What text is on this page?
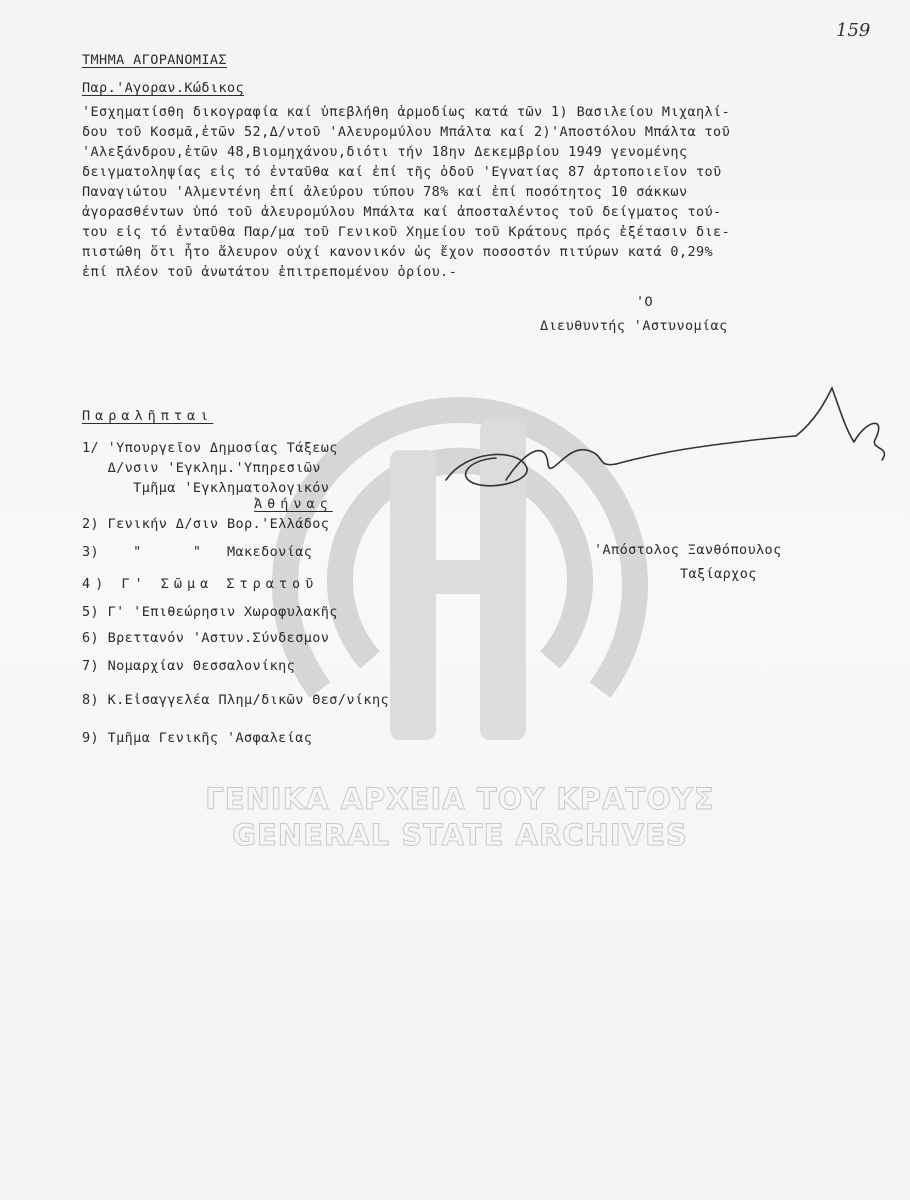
159
ΤΜΗΜΑ ΑΓΟΡΑΝΟΜΙΑΣ
Παρ.'Αγοραν.Κώδικος
'Εσχηματίσθη δικογραφία καί ὑπεβλήθη ἁρμοδίως κατά τῶν 1) Βασιλείου Μιχαηλί-
δου τοῦ Κοσμᾶ,ἐτῶν 52,Δ/ντοῦ 'Αλευρομύλου Μπάλτα καί 2)'Αποστόλου Μπάλτα τοῦ
'Αλεξάνδρου,ἐτῶν 48,Βιομηχάνου,διότι τήν 18ην Δεκεμβρίου 1949 γενομένης
δειγματοληψίας εἰς τό ἐνταῦθα καί ἐπί τῆς ὁδοῦ 'Εγνατίας 87 ἀρτοποιεῖον τοῦ
Παναγιώτου 'Αλμεντένη ἐπί ἀλεύρου τύπου 78% καί ἐπί ποσότητος 10 σάκκων
ἀγορασθέντων ὑπό τοῦ ἀλευρομύλου Μπάλτα καί ἀποσταλέντος τοῦ δείγματος τού-
του εἰς τό ἐνταῦθα Παρ/μα τοῦ Γενικοῦ Χημείου τοῦ Κράτους πρός ἐξέτασιν διε-
πιστώθη ὅτι ἦτο ἄλευρον οὐχί κανονικόν ὡς ἔχον ποσοστόν πιτύρων κατά 0,29%
ἐπί πλέον τοῦ ἀνωτάτου ἐπιτρεπομένου ὁρίου.-
'Ο
Διευθυντής 'Αστυνομίας
Παραλῆπται
1/ 'Υπουργεῖον Δημοσίας Τάξεως
Δ/νσιν 'Εγκλημ.'Υπηρεσιῶν
Τμῆμα 'Εγκληματολογικόν
Ἀθήνας
2) Γενικήν Δ/σιν Βορ.'Ελλάδος
3)    "      "   Μακεδονίας
4) Γ' Σῶμα Στρατοῦ
5) Γ' 'Επιθεώρησιν Χωροφυλακῆς
6) Βρεττανόν 'Αστυν.Σύνδεσμον
7) Νομαρχίαν Θεσσαλονίκης
8) Κ.Εἰσαγγελέα Πλημ/δικῶν Θεσ/νίκης
9) Τμῆμα Γενικῆς 'Ασφαλείας
'Απόστολος Ξανθόπουλος
Ταξίαρχος
ΓΕΝΙΚΑ ΑΡΧΕΙΑ ΤΟΥ ΚΡΑΤΟΥΣ
GENERAL STATE ARCHIVES
